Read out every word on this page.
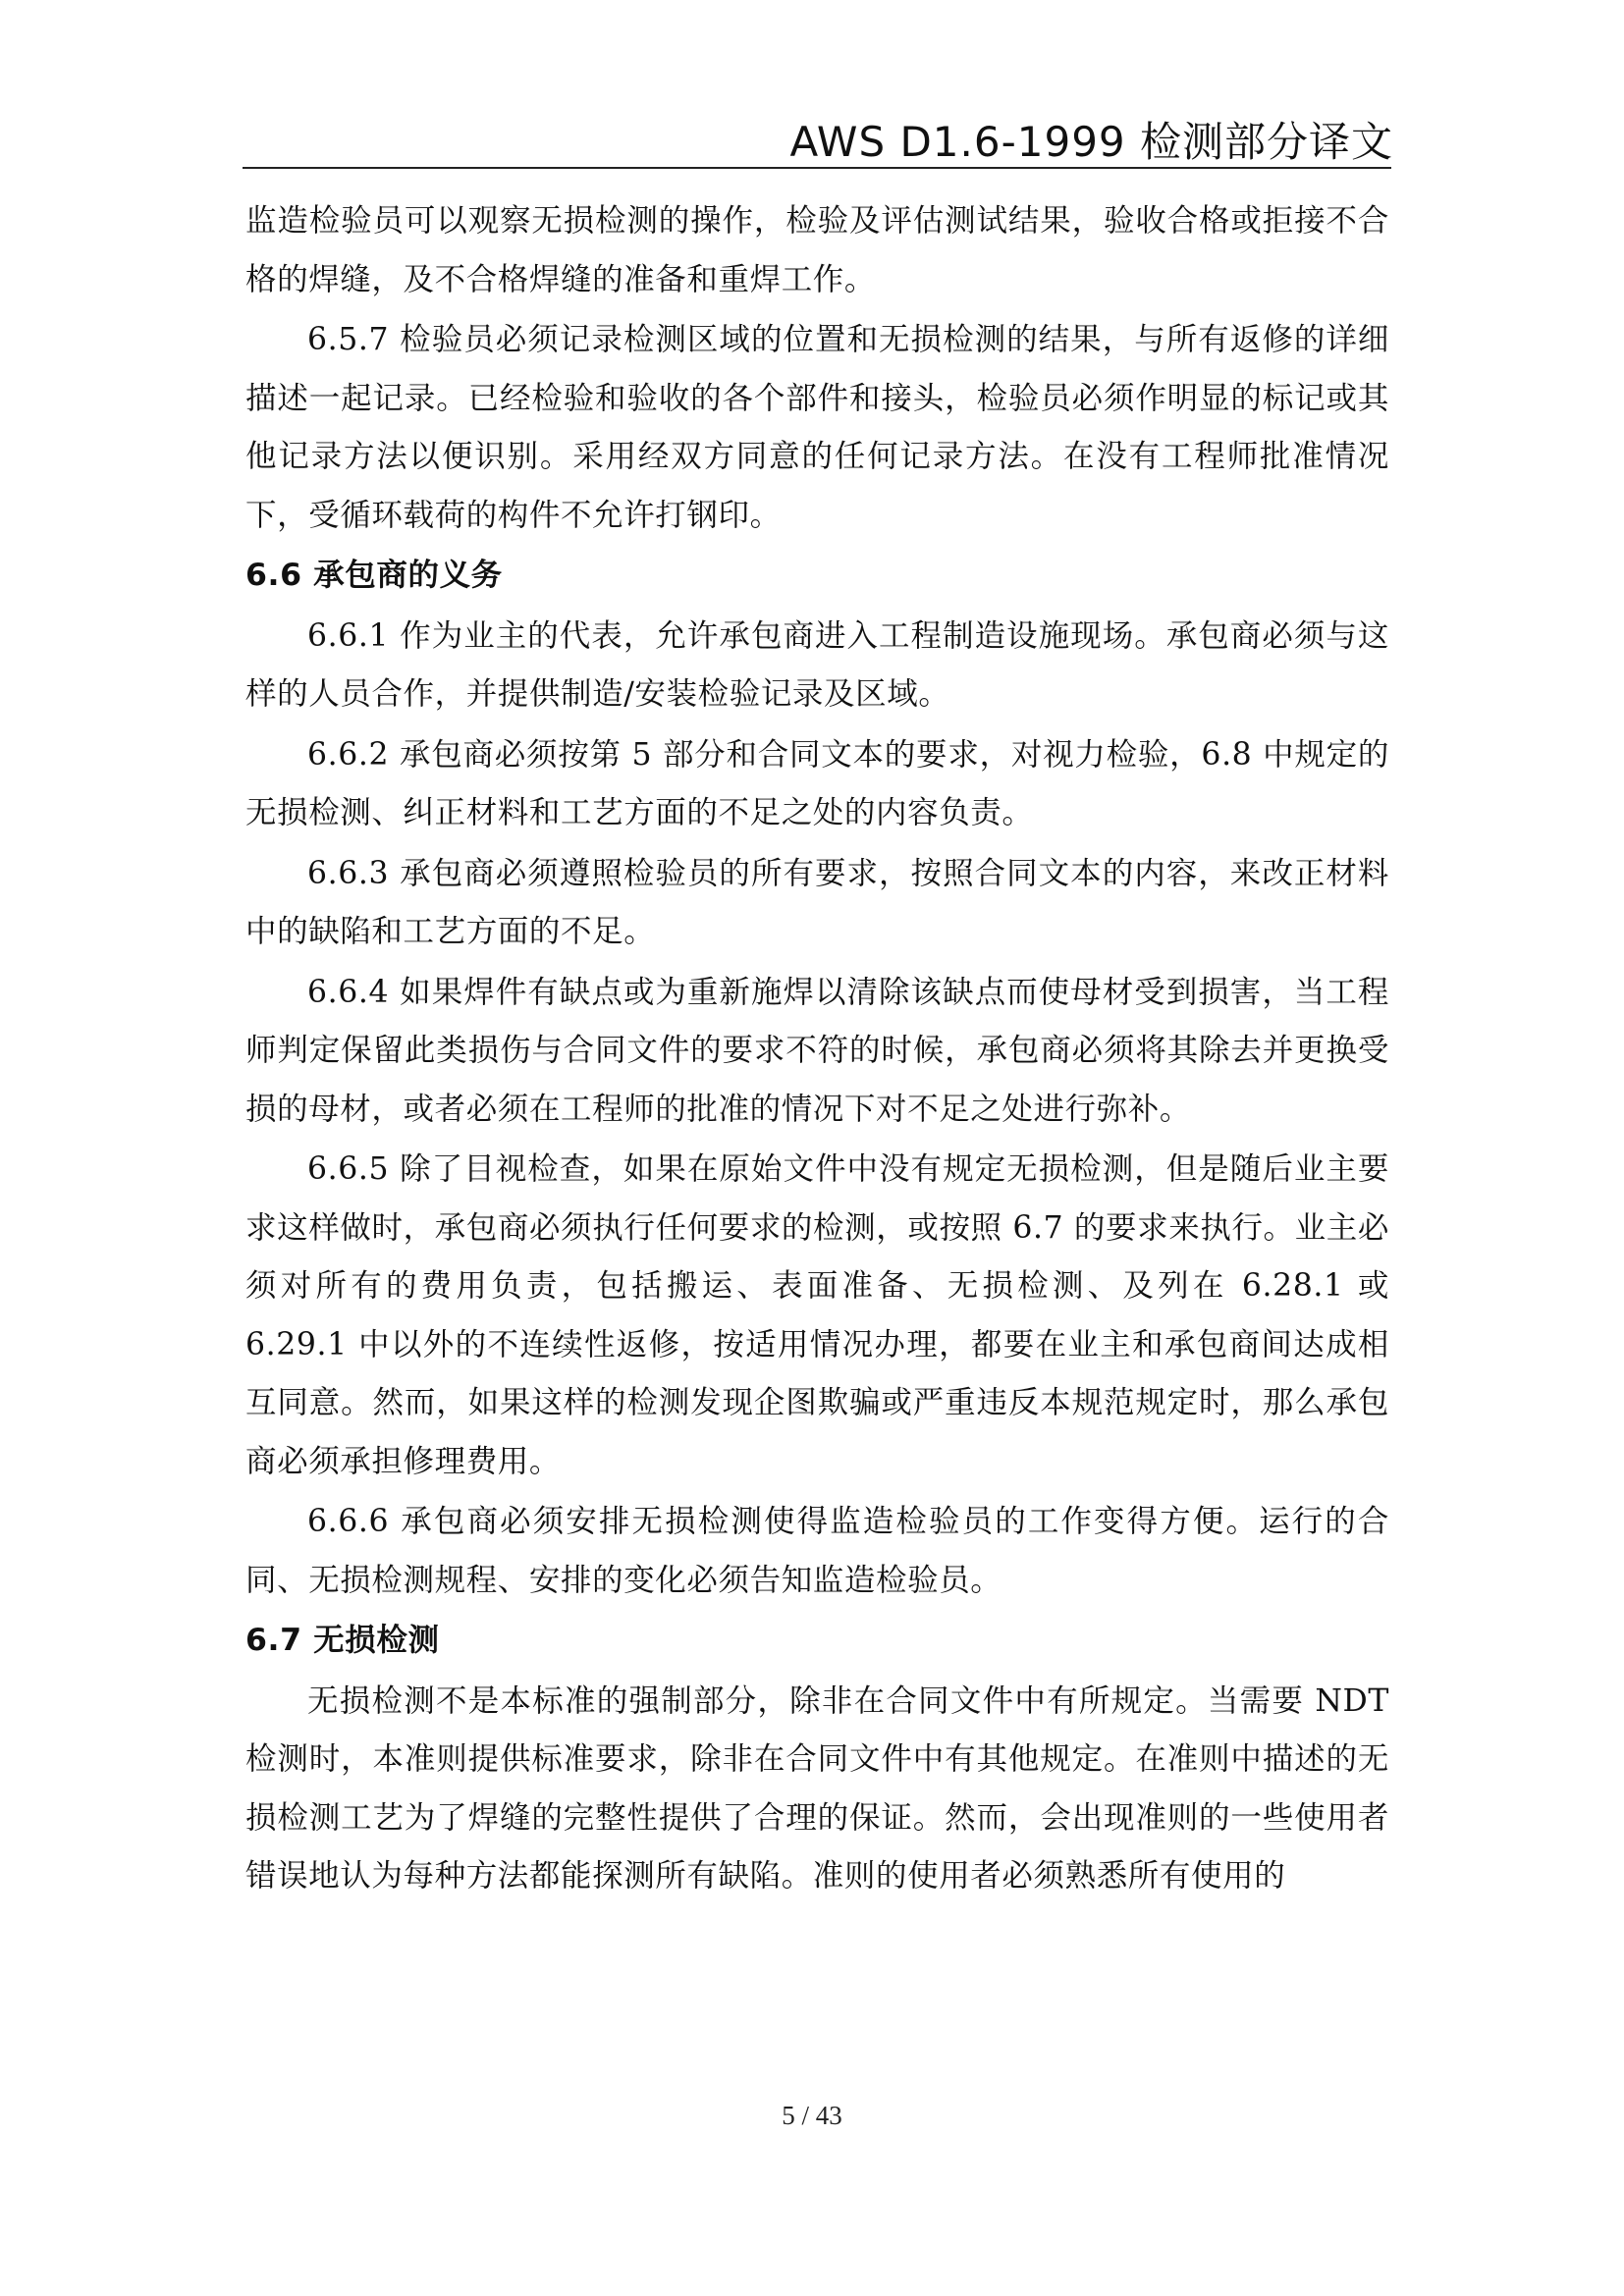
AWS D1.6-1999 检测部分译文

监造检验员可以观察无损检测的操作，检验及评估测试结果，验收合格或拒接不合格的焊缝，及不合格焊缝的准备和重焊工作。

6.5.7 检验员必须记录检测区域的位置和无损检测的结果，与所有返修的详细描述一起记录。已经检验和验收的各个部件和接头，检验员必须作明显的标记或其他记录方法以便识别。采用经双方同意的任何记录方法。在没有工程师批准情况下，受循环载荷的构件不允许打钢印。

6.6 承包商的义务

6.6.1 作为业主的代表，允许承包商进入工程制造设施现场。承包商必须与这样的人员合作，并提供制造/安装检验记录及区域。

6.6.2 承包商必须按第 5 部分和合同文本的要求，对视力检验，6.8 中规定的无损检测、纠正材料和工艺方面的不足之处的内容负责。

6.6.3 承包商必须遵照检验员的所有要求，按照合同文本的内容，来改正材料中的缺陷和工艺方面的不足。

6.6.4 如果焊件有缺点或为重新施焊以清除该缺点而使母材受到损害，当工程师判定保留此类损伤与合同文件的要求不符的时候，承包商必须将其除去并更换受损的母材，或者必须在工程师的批准的情况下对不足之处进行弥补。

6.6.5 除了目视检查，如果在原始文件中没有规定无损检测，但是随后业主要求这样做时，承包商必须执行任何要求的检测，或按照 6.7 的要求来执行。业主必须对所有的费用负责，包括搬运、表面准备、无损检测、及列在 6.28.1 或 6.29.1 中以外的不连续性返修，按适用情况办理，都要在业主和承包商间达成相互同意。然而，如果这样的检测发现企图欺骗或严重违反本规范规定时，那么承包商必须承担修理费用。

6.6.6 承包商必须安排无损检测使得监造检验员的工作变得方便。运行的合同、无损检测规程、安排的变化必须告知监造检验员。

6.7 无损检测

无损检测不是本标准的强制部分，除非在合同文件中有所规定。当需要 NDT 检测时，本准则提供标准要求，除非在合同文件中有其他规定。在准则中描述的无损检测工艺为了焊缝的完整性提供了合理的保证。然而，会出现准则的一些使用者错误地认为每种方法都能探测所有缺陷。准则的使用者必须熟悉所有使用的

5 / 43
